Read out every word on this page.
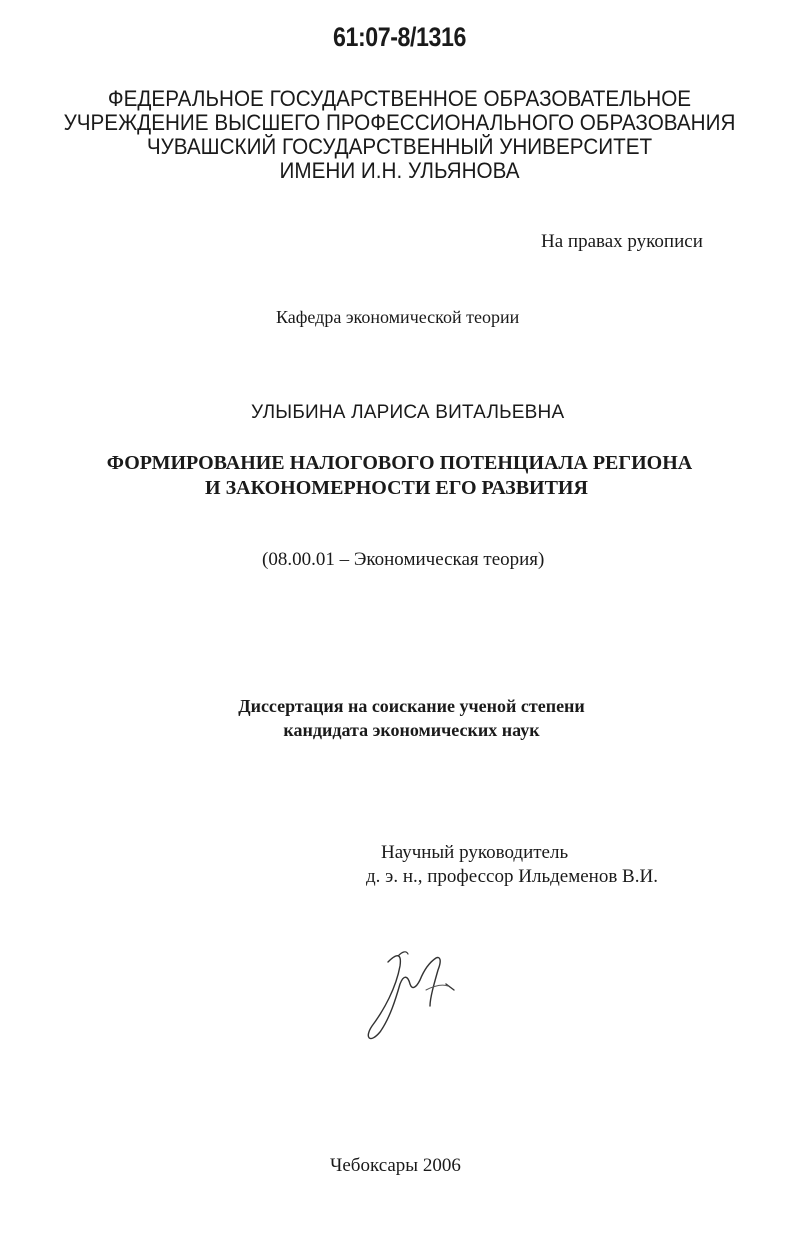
61:07-8/1316
ФЕДЕРАЛЬНОЕ ГОСУДАРСТВЕННОЕ ОБРАЗОВАТЕЛЬНОЕ
УЧРЕЖДЕНИЕ ВЫСШЕГО ПРОФЕССИОНАЛЬНОГО ОБРАЗОВАНИЯ
ЧУВАШСКИЙ ГОСУДАРСТВЕННЫЙ УНИВЕРСИТЕТ
ИМЕНИ И.Н. УЛЬЯНОВА
На правах рукописи
Кафедра экономической теории
УЛЫБИНА ЛАРИСА ВИТАЛЬЕВНА
ФОРМИРОВАНИЕ НАЛОГОВОГО ПОТЕНЦИАЛА РЕГИОНА
И ЗАКОНОМЕРНОСТИ ЕГО РАЗВИТИЯ
(08.00.01 – Экономическая теория)
Диссертация на соискание ученой степени
кандидата экономических наук
Научный руководитель
д. э. н., профессор Ильдеменов В.И.
Чебоксары 2006
